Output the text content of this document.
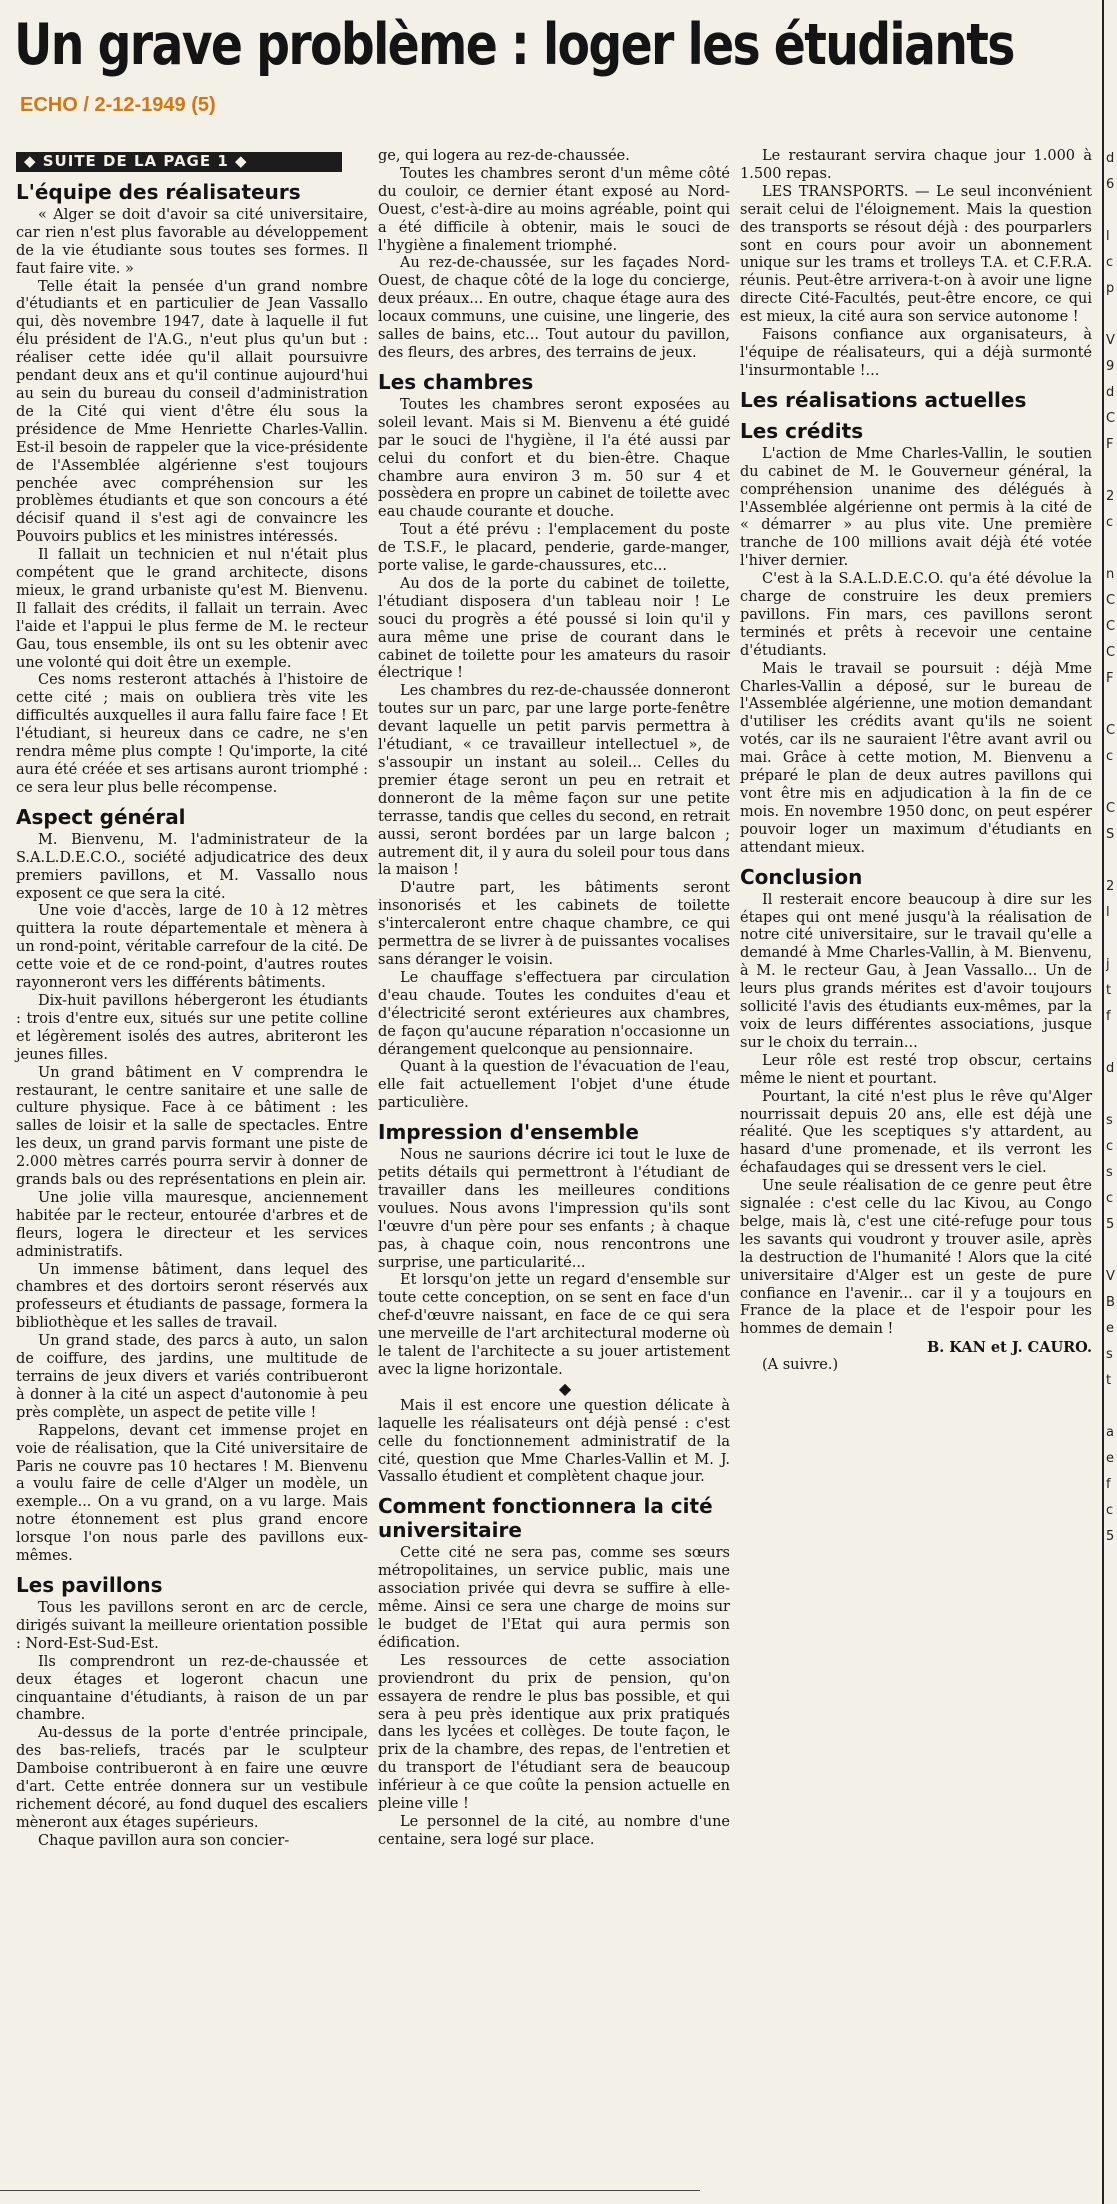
Un grave problème : loger les étudiants
ECHO / 2-12-1949 (5)
d
6
l
c
p
V
9
d
C
F
2
c
n
C
C
C
F
C
c
C
S
2
l
j
t
f
d
s
c
s
c
5
V
B
e
s
t
a
e
f
c
5
◆ SUITE DE LA PAGE 1 ◆
L'équipe des réalisateurs

« Alger se doit d'avoir sa cité universitaire, car rien n'est plus favorable au développement de la vie étudiante sous toutes ses formes. Il faut faire vite. »

Telle était la pensée d'un grand nombre d'étudiants et en particulier de Jean Vassallo qui, dès novembre 1947, date à laquelle il fut élu président de l'A.G., n'eut plus qu'un but : réaliser cette idée qu'il allait poursuivre pendant deux ans et qu'il continue aujourd'hui au sein du bureau du conseil d'administration de la Cité qui vient d'être élu sous la présidence de Mme Henriette Charles-Vallin. Est-il besoin de rappeler que la vice-présidente de l'Assemblée algérienne s'est toujours penchée avec compréhension sur les problèmes étudiants et que son concours a été décisif quand il s'est agi de convaincre les Pouvoirs publics et les ministres intéressés.

Il fallait un technicien et nul n'était plus compétent que le grand architecte, disons mieux, le grand urbaniste qu'est M. Bienvenu. Il fallait des crédits, il fallait un terrain. Avec l'aide et l'appui le plus ferme de M. le recteur Gau, tous ensemble, ils ont su les obtenir avec une volonté qui doit être un exemple.

Ces noms resteront attachés à l'histoire de cette cité ; mais on oubliera très vite les difficultés auxquelles il aura fallu faire face ! Et l'étudiant, si heureux dans ce cadre, ne s'en rendra même plus compte ! Qu'importe, la cité aura été créée et ses artisans auront triomphé : ce sera leur plus belle récompense.

Aspect général

M. Bienvenu, M. l'administrateur de la S.A.L.D.E.C.O., société adjudicatrice des deux premiers pavillons, et M. Vassallo nous exposent ce que sera la cité.

Une voie d'accès, large de 10 à 12 mètres quittera la route départementale et mènera à un rond-point, véritable carrefour de la cité. De cette voie et de ce rond-point, d'autres routes rayonneront vers les différents bâtiments.

Dix-huit pavillons hébergeront les étudiants : trois d'entre eux, situés sur une petite colline et légèrement isolés des autres, abriteront les jeunes filles.

Un grand bâtiment en V comprendra le restaurant, le centre sanitaire et une salle de culture physique. Face à ce bâtiment : les salles de loisir et la salle de spectacles. Entre les deux, un grand parvis formant une piste de 2.000 mètres carrés pourra servir à donner de grands bals ou des représentations en plein air.

Une jolie villa mauresque, anciennement habitée par le recteur, entourée d'arbres et de fleurs, logera le directeur et les services administratifs.

Un immense bâtiment, dans lequel des chambres et des dortoirs seront réservés aux professeurs et étudiants de passage, formera la bibliothèque et les salles de travail.

Un grand stade, des parcs à auto, un salon de coiffure, des jardins, une multitude de terrains de jeux divers et variés contribueront à donner à la cité un aspect d'autonomie à peu près complète, un aspect de petite ville !

Rappelons, devant cet immense projet en voie de réalisation, que la Cité universitaire de Paris ne couvre pas 10 hectares ! M. Bienvenu a voulu faire de celle d'Alger un modèle, un exemple... On a vu grand, on a vu large. Mais notre étonnement est plus grand encore lorsque l'on nous parle des pavillons eux-mêmes.

Les pavillons

Tous les pavillons seront en arc de cercle, dirigés suivant la meilleure orientation possible : Nord-Est-Sud-Est.

Ils comprendront un rez-de-chaussée et deux étages et logeront chacun une cinquantaine d'étudiants, à raison de un par chambre.

Au-dessus de la porte d'entrée principale, des bas-reliefs, tracés par le sculpteur Damboise contribueront à en faire une œuvre d'art. Cette entrée donnera sur un vestibule richement décoré, au fond duquel des escaliers mèneront aux étages supérieurs.

Chaque pavillon aura son concier-

ge, qui logera au rez-de-chaussée.

Toutes les chambres seront d'un même côté du couloir, ce dernier étant exposé au Nord-Ouest, c'est-à-dire au moins agréable, point qui a été difficile à obtenir, mais le souci de l'hygiène a finalement triomphé.

Au rez-de-chaussée, sur les façades Nord-Ouest, de chaque côté de la loge du concierge, deux préaux... En outre, chaque étage aura des locaux communs, une cuisine, une lingerie, des salles de bains, etc... Tout autour du pavillon, des fleurs, des arbres, des terrains de jeux.

Les chambres

Toutes les chambres seront exposées au soleil levant. Mais si M. Bienvenu a été guidé par le souci de l'hygiène, il l'a été aussi par celui du confort et du bien-être. Chaque chambre aura environ 3 m. 50 sur 4 et possèdera en propre un cabinet de toilette avec eau chaude courante et douche.

Tout a été prévu : l'emplacement du poste de T.S.F., le placard, penderie, garde-manger, porte valise, le garde-chaussures, etc...

Au dos de la porte du cabinet de toilette, l'étudiant disposera d'un tableau noir ! Le souci du progrès a été poussé si loin qu'il y aura même une prise de courant dans le cabinet de toilette pour les amateurs du rasoir électrique !

Les chambres du rez-de-chaussée donneront toutes sur un parc, par une large porte-fenêtre devant laquelle un petit parvis permettra à l'étudiant, « ce travailleur intellectuel », de s'assoupir un instant au soleil... Celles du premier étage seront un peu en retrait et donneront de la même façon sur une petite terrasse, tandis que celles du second, en retrait aussi, seront bordées par un large balcon ; autrement dit, il y aura du soleil pour tous dans la maison !

D'autre part, les bâtiments seront insonorisés et les cabinets de toilette s'intercaleront entre chaque chambre, ce qui permettra de se livrer à de puissantes vocalises sans déranger le voisin.

Le chauffage s'effectuera par circulation d'eau chaude. Toutes les conduites d'eau et d'électricité seront extérieures aux chambres, de façon qu'aucune réparation n'occasionne un dérangement quelconque au pensionnaire.

Quant à la question de l'évacuation de l'eau, elle fait actuellement l'objet d'une étude particulière.

Impression d'ensemble

Nous ne saurions décrire ici tout le luxe de petits détails qui permettront à l'étudiant de travailler dans les meilleures conditions voulues. Nous avons l'impression qu'ils sont l'œuvre d'un père pour ses enfants ; à chaque pas, à chaque coin, nous rencontrons une surprise, une particularité...

Et lorsqu'on jette un regard d'ensemble sur toute cette conception, on se sent en face d'un chef-d'œuvre naissant, en face de ce qui sera une merveille de l'art architectural moderne où le talent de l'architecte a su jouer artistement avec la ligne horizontale.

◆

Mais il est encore une question délicate à laquelle les réalisateurs ont déjà pensé : c'est celle du fonctionnement administratif de la cité, question que Mme Charles-Vallin et M. J. Vassallo étudient et complètent chaque jour.

Comment fonctionnera la cité universitaire

Cette cité ne sera pas, comme ses sœurs métropolitaines, un service public, mais une association privée qui devra se suffire à elle-même. Ainsi ce sera une charge de moins sur le budget de l'Etat qui aura permis son édification.

Les ressources de cette association proviendront du prix de pension, qu'on essayera de rendre le plus bas possible, et qui sera à peu près identique aux prix pratiqués dans les lycées et collèges. De toute façon, le prix de la chambre, des repas, de l'entretien et du transport de l'étudiant sera de beaucoup inférieur à ce que coûte la pension actuelle en pleine ville !

Le personnel de la cité, au nombre d'une centaine, sera logé sur place.

Le restaurant servira chaque jour 1.000 à 1.500 repas.

LES TRANSPORTS. — Le seul inconvénient serait celui de l'éloignement. Mais la question des transports se résout déjà : des pourparlers sont en cours pour avoir un abonnement unique sur les trams et trolleys T.A. et C.F.R.A. réunis. Peut-être arrivera-t-on à avoir une ligne directe Cité-Facultés, peut-être encore, ce qui est mieux, la cité aura son service autonome !

Faisons confiance aux organisateurs, à l'équipe de réalisateurs, qui a déjà surmonté l'insurmontable !...

Les réalisations actuelles
Les crédits

L'action de Mme Charles-Vallin, le soutien du cabinet de M. le Gouverneur général, la compréhension unanime des délégués à l'Assemblée algérienne ont permis à la cité de « démarrer » au plus vite. Une première tranche de 100 millions avait déjà été votée l'hiver dernier.

C'est à la S.A.L.D.E.C.O. qu'a été dévolue la charge de construire les deux premiers pavillons. Fin mars, ces pavillons seront terminés et prêts à recevoir une centaine d'étudiants.

Mais le travail se poursuit : déjà Mme Charles-Vallin a déposé, sur le bureau de l'Assemblée algérienne, une motion demandant d'utiliser les crédits avant qu'ils ne soient votés, car ils ne sauraient l'être avant avril ou mai. Grâce à cette motion, M. Bienvenu a préparé le plan de deux autres pavillons qui vont être mis en adjudication à la fin de ce mois. En novembre 1950 donc, on peut espérer pouvoir loger un maximum d'étudiants en attendant mieux.

Conclusion

Il resterait encore beaucoup à dire sur les étapes qui ont mené jusqu'à la réalisation de notre cité universitaire, sur le travail qu'elle a demandé à Mme Charles-Vallin, à M. Bienvenu, à M. le recteur Gau, à Jean Vassallo... Un de leurs plus grands mérites est d'avoir toujours sollicité l'avis des étudiants eux-mêmes, par la voix de leurs différentes associations, jusque sur le choix du terrain...

Leur rôle est resté trop obscur, certains même le nient et pourtant.

Pourtant, la cité n'est plus le rêve qu'Alger nourrissait depuis 20 ans, elle est déjà une réalité. Que les sceptiques s'y attardent, au hasard d'une promenade, et ils verront les échafaudages qui se dressent vers le ciel.

Une seule réalisation de ce genre peut être signalée : c'est celle du lac Kivou, au Congo belge, mais là, c'est une cité-refuge pour tous les savants qui voudront y trouver asile, après la destruction de l'humanité ! Alors que la cité universitaire d'Alger est un geste de pure confiance en l'avenir... car il y a toujours en France de la place et de l'espoir pour les hommes de demain !

B. KAN et J. CAURO.

(A suivre.)
